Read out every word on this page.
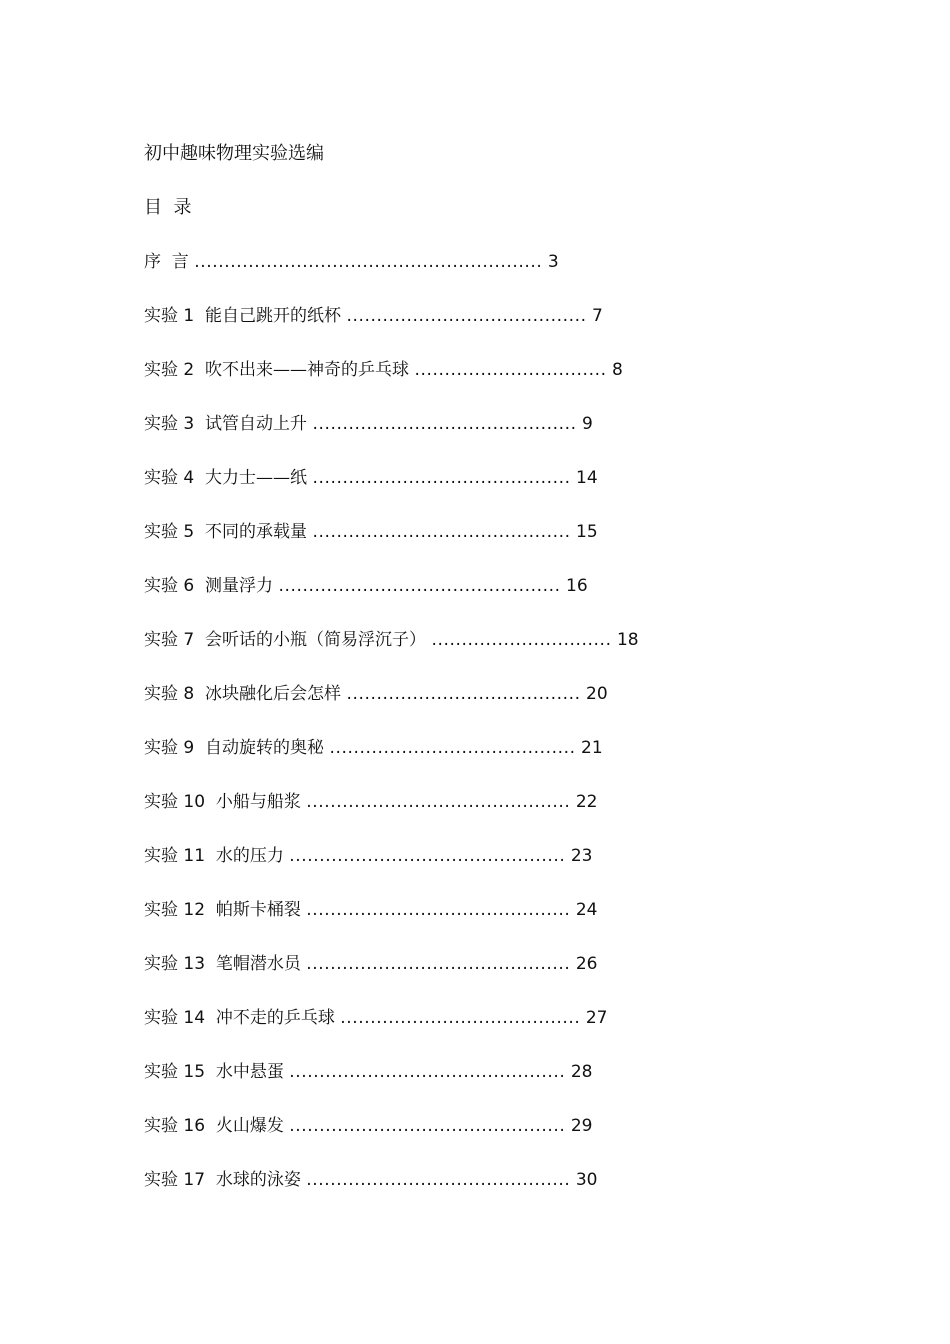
初中趣味物理实验选编
目  录
序  言 .......................................................... 3
实验 1 能自己跳开的纸杯 ........................................ 7
实验 2 吹不出来——神奇的乒乓球 ................................ 8
实验 3 试管自动上升 ............................................ 9
实验 4 大力士——纸 ........................................... 14
实验 5 不同的承载量 ........................................... 15
实验 6 测量浮力 ............................................... 16
实验 7 会听话的小瓶（简易浮沉子） .............................. 18
实验 8 冰块融化后会怎样 ....................................... 20
实验 9 自动旋转的奥秘 ......................................... 21
实验 10 小船与船浆 ............................................ 22
实验 11 水的压力 .............................................. 23
实验 12 帕斯卡桶裂 ............................................ 24
实验 13 笔帽潜水员 ............................................ 26
实验 14 冲不走的乒乓球 ........................................ 27
实验 15 水中悬蛋 .............................................. 28
实验 16 火山爆发 .............................................. 29
实验 17 水球的泳姿 ............................................ 30
